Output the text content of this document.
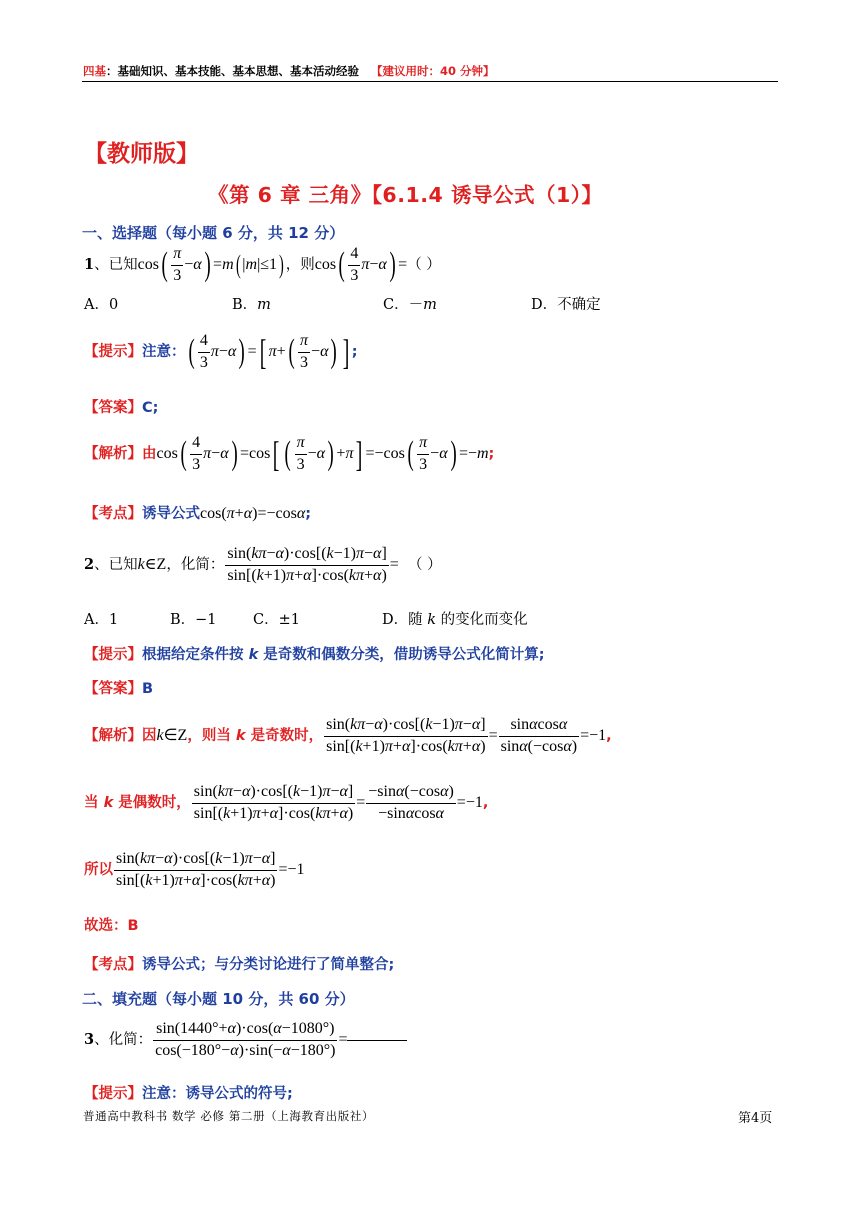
四基：基础知识、基本技能、基本思想、基本活动经验 【建议用时：40 分钟】
【教师版】
《第 6 章 三角》【6.1.4 诱导公式（1）】
一、选择题（每小题 6 分，共 12 分）
1、已知$\cos( \frac{\pi}{3} -\alpha) =m$( |m|≤1) ，则$\cos( \frac{4}{3} \pi-\alpha)$ =（ ）
A．0	B．m	C．－m	D．不确定
【提示】注意：( $\frac{4}{3} \pi-\alpha$) =[ $\pi+( \frac{\pi}{3} -\alpha)$ ] ;
【答案】C;
【解析】由$\cos( \frac{4}{3} \pi-\alpha) =\cos$[ ( $\frac{\pi}{3} -\alpha) +\pi] =-\cos( \frac{\pi}{3} -\alpha) =-m$;
【考点】诱导公式cos(π+α)=−cosα;
2、已知k∈Z，化简： $\frac{\sin(k\pi-\alpha)\cdot\cos[(k-1)\pi-\alpha]}{\sin[(k+1)\pi+\alpha]\cdot\cos(k\pi+\alpha)}$ = （ ）
A．1	B．−1	C．±1	D．随 k 的变化而变化
【提示】根据给定条件按 k 是奇数和偶数分类，借助诱导公式化简计算;
【答案】B
【解析】因k∈Z，则当 k 是奇数时， $\frac{\sin(k\pi-\alpha)\cdot\cos[(k-1)\pi-\alpha]}{\sin[(k+1)\pi+\alpha]\cdot\cos(k\pi+\alpha)} = \frac{\sin\alpha\cos\alpha}{\sin\alpha(-\cos\alpha)} =-1$,
当 k 是偶数时， $\frac{\sin(k\pi-\alpha)\cdot\cos[(k-1)\pi-\alpha]}{\sin[(k+1)\pi+\alpha]\cdot\cos(k\pi+\alpha)} = \frac{-\sin\alpha(-\cos\alpha)}{-\sin\alpha\cos\alpha} =-1$,
所以 $\frac{\sin(k\pi-\alpha)\cdot\cos[(k-1)\pi-\alpha]}{\sin[(k+1)\pi+\alpha]\cdot\cos(k\pi+\alpha)} =-1$
故选：B
【考点】诱导公式；与分类讨论进行了简单整合;
二、填充题（每小题 10 分，共 60 分）
3、化简： $\frac{\sin(1440^\circ+\alpha)\cdot\cos(\alpha-1080^\circ)}{\cos(-180^\circ-\alpha)\cdot\sin(-\alpha-180^\circ)}$ =
【提示】注意：诱导公式的符号;
普通高中教科书 数学 必修 第二册（上海教育出版社）	第4页
